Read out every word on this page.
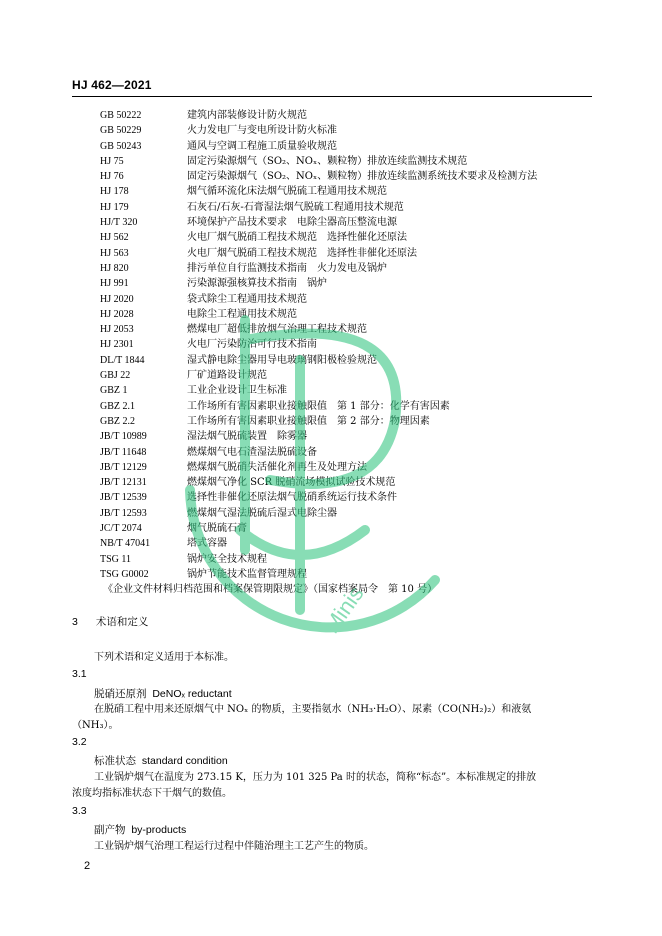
HJ 462—2021
GB 50222	建筑内部装修设计防火规范
GB 50229	火力发电厂与变电所设计防火标准
GB 50243	通风与空调工程施工质量验收规范
HJ 75	固定污染源烟气（SO₂、NOₓ、颗粒物）排放连续监测技术规范
HJ 76	固定污染源烟气（SO₂、NOₓ、颗粒物）排放连续监测系统技术要求及检测方法
HJ 178	烟气循环流化床法烟气脱硫工程通用技术规范
HJ 179	石灰石/石灰-石膏湿法烟气脱硫工程通用技术规范
HJ/T 320	环境保护产品技术要求　电除尘器高压整流电源
HJ 562	火电厂烟气脱硝工程技术规范　选择性催化还原法
HJ 563	火电厂烟气脱硝工程技术规范　选择性非催化还原法
HJ 820	排污单位自行监测技术指南　火力发电及锅炉
HJ 991	污染源源强核算技术指南　锅炉
HJ 2020	袋式除尘工程通用技术规范
HJ 2028	电除尘工程通用技术规范
HJ 2053	燃煤电厂超低排放烟气治理工程技术规范
HJ 2301	火电厂污染防治可行技术指南
DL/T 1844	湿式静电除尘器用导电玻璃钢阳极检验规范
GBJ 22	厂矿道路设计规范
GBZ 1	工业企业设计卫生标准
GBZ 2.1	工作场所有害因素职业接触限值　第 1 部分：化学有害因素
GBZ 2.2	工作场所有害因素职业接触限值　第 2 部分：物理因素
JB/T 10989	湿法烟气脱硫装置　除雾器
JB/T 11648	燃煤烟气电石渣湿法脱硫设备
JB/T 12129	燃煤烟气脱硝失活催化剂再生及处理方法
JB/T 12131	燃煤烟气净化 SCR 脱硝流场模拟试验技术规范
JB/T 12539	选择性非催化还原法烟气脱硝系统运行技术条件
JB/T 12593	燃煤烟气湿法脱硫后湿式电除尘器
JC/T 2074	烟气脱硫石膏
NB/T 47041	塔式容器
TSG 11	锅炉安全技术规程
TSG G0002	锅炉节能技术监督管理规程
《企业文件材料归档范围和档案保管期限规定》（国家档案局令　第 10 号）
3 术语和定义
下列术语和定义适用于本标准。
3.1
脱硝还原剂 DeNOₓ reductant
在脱硝工程中用来还原烟气中 NOₓ 的物质，主要指氨水（NH₃·H₂O）、尿素（CO(NH₂)₂）和液氨
（NH₃）。
3.2
标准状态 standard condition
工业锅炉烟气在温度为 273.15 K，压力为 101 325 Pa 时的状态，简称“标态”。本标准规定的排放
浓度均指标准状态下干烟气的数值。
3.3
副产物 by-products
工业锅炉烟气治理工程运行过程中伴随治理主工艺产生的物质。
2
Minis
